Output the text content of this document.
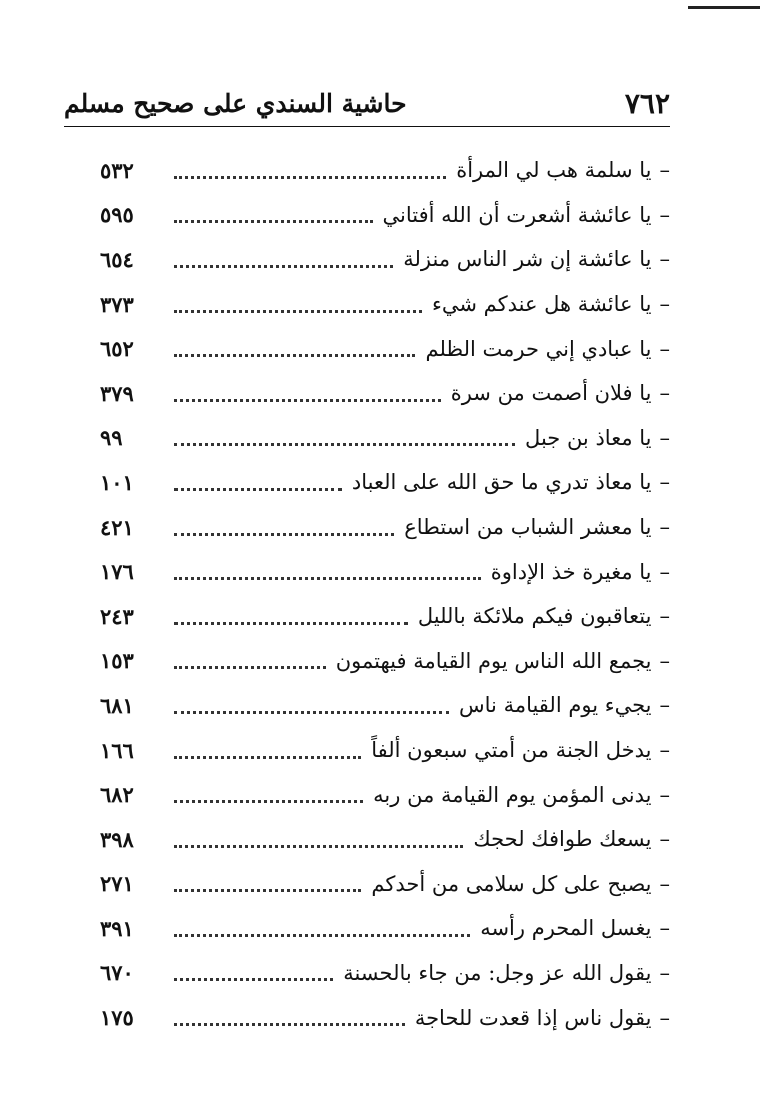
٧٦٢
حاشية السندي على صحيح مسلم
–
يا سلمة هب لي المرأة
٥٣٢
–
يا عائشة أشعرت أن الله أفتاني
٥٩٥
–
يا عائشة إن شر الناس منزلة
٦٥٤
–
يا عائشة هل عندكم شيء
٣٧٣
–
يا عبادي إني حرمت الظلم
٦٥٢
–
يا فلان أصمت من سرة
٣٧٩
–
يا معاذ بن جبل
٩٩
–
يا معاذ تدري ما حق الله على العباد
١٠١
–
يا معشر الشباب من استطاع
٤٢١
–
يا مغيرة خذ الإداوة
١٧٦
–
يتعاقبون فيكم ملائكة بالليل
٢٤٣
–
يجمع الله الناس يوم القيامة فيهتمون
١٥٣
–
يجيء يوم القيامة ناس
٦٨١
–
يدخل الجنة من أمتي سبعون ألفاً
١٦٦
–
يدنى المؤمن يوم القيامة من ربه
٦٨٢
–
يسعك طوافك لحجك
٣٩٨
–
يصبح على كل سلامى من أحدكم
٢٧١
–
يغسل المحرم رأسه
٣٩١
–
يقول الله عز وجل: من جاء بالحسنة
٦٧٠
–
يقول ناس إذا قعدت للحاجة
١٧٥
